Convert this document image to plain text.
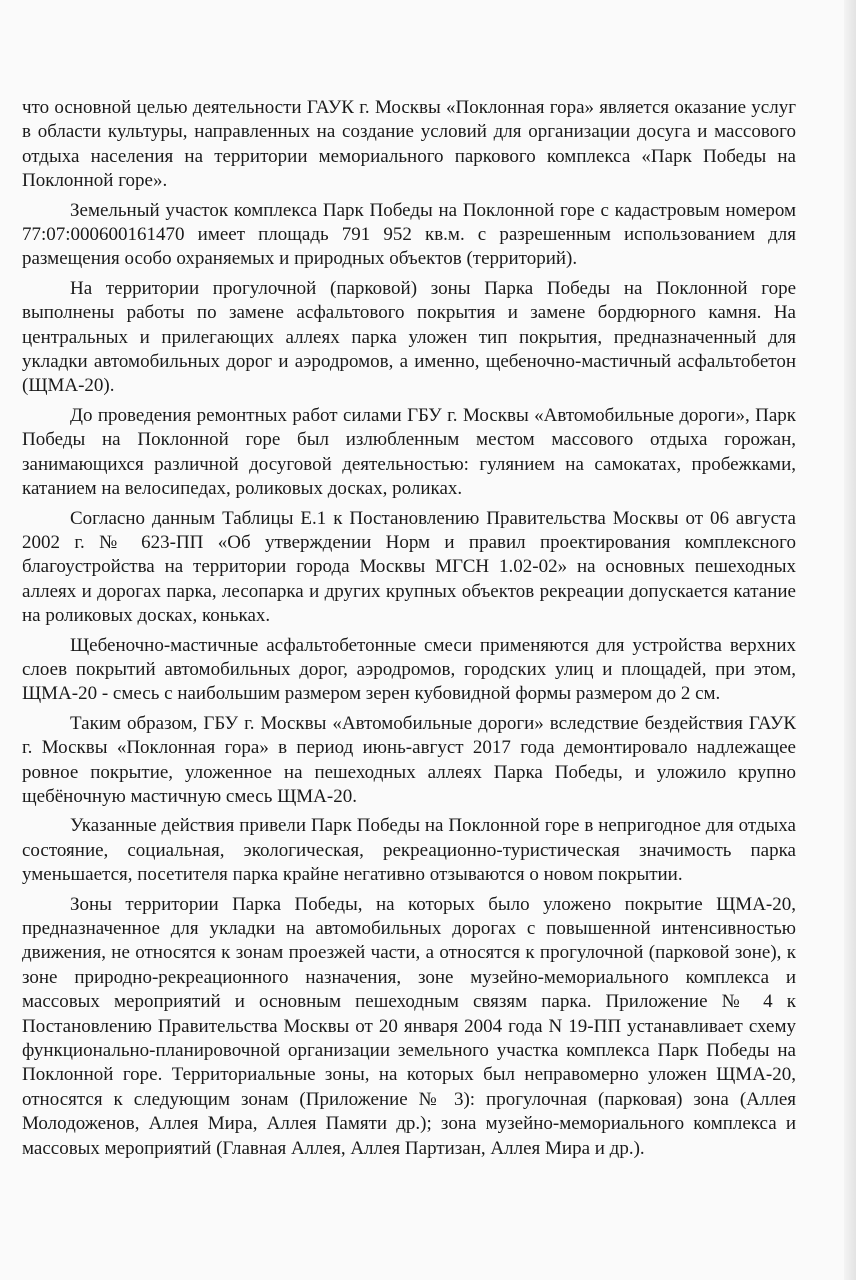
что основной целью деятельности ГАУК г. Москвы «Поклонная гора» является оказание услуг в области культуры, направленных на создание условий для организации досуга и массового отдыха населения на территории мемориального паркового комплекса «Парк Победы на Поклонной горе».

Земельный участок комплекса Парк Победы на Поклонной горе с кадастровым номером 77:07:000600161470 имеет площадь 791 952 кв.м. с разрешенным использованием для размещения особо охраняемых и природных объектов (территорий).

На территории прогулочной (парковой) зоны Парка Победы на Поклонной горе выполнены работы по замене асфальтового покрытия и замене бордюрного камня. На центральных и прилегающих аллеях парка уложен тип покрытия, предназначенный для укладки автомобильных дорог и аэродромов, а именно, щебеночно-мастичный асфальтобетон (ЩМА-20).

До проведения ремонтных работ силами ГБУ г. Москвы «Автомобильные дороги», Парк Победы на Поклонной горе был излюбленным местом массового отдыха горожан, занимающихся различной досуговой деятельностью: гулянием на самокатах, пробежками, катанием на велосипедах, роликовых досках, роликах.

Согласно данным Таблицы Е.1 к Постановлению Правительства Москвы от 06 августа 2002 г. № 623-ПП «Об утверждении Норм и правил проектирования комплексного благоустройства на территории города Москвы МГСН 1.02-02» на основных пешеходных аллеях и дорогах парка, лесопарка и других крупных объектов рекреации допускается катание на роликовых досках, коньках.

Щебеночно-мастичные асфальтобетонные смеси применяются для устройства верхних слоев покрытий автомобильных дорог, аэродромов, городских улиц и площадей, при этом, ЩМА-20 - смесь с наибольшим размером зерен кубовидной формы размером до 2 см.

Таким образом, ГБУ г. Москвы «Автомобильные дороги» вследствие бездействия ГАУК г. Москвы «Поклонная гора» в период июнь-август 2017 года демонтировало надлежащее ровное покрытие, уложенное на пешеходных аллеях Парка Победы, и уложило крупно щебёночную мастичную смесь ЩМА-20.

Указанные действия привели Парк Победы на Поклонной горе в непригодное для отдыха состояние, социальная, экологическая, рекреационно-туристическая значимость парка уменьшается, посетителя парка крайне негативно отзываются о новом покрытии.

Зоны территории Парка Победы, на которых было уложено покрытие ЩМА-20, предназначенное для укладки на автомобильных дорогах с повышенной интенсивностью движения, не относятся к зонам проезжей части, а относятся к прогулочной (парковой зоне), к зоне природно-рекреационного назначения, зоне музейно-мемориального комплекса и массовых мероприятий и основным пешеходным связям парка. Приложение № 4 к Постановлению Правительства Москвы от 20 января 2004 года N 19-ПП устанавливает схему функционально-планировочной организации земельного участка комплекса Парк Победы на Поклонной горе. Территориальные зоны, на которых был неправомерно уложен ЩМА-20, относятся к следующим зонам (Приложение № 3): прогулочная (парковая) зона (Аллея Молодоженов, Аллея Мира, Аллея Памяти др.); зона музейно-мемориального комплекса и массовых мероприятий (Главная Аллея, Аллея Партизан, Аллея Мира и др.).
